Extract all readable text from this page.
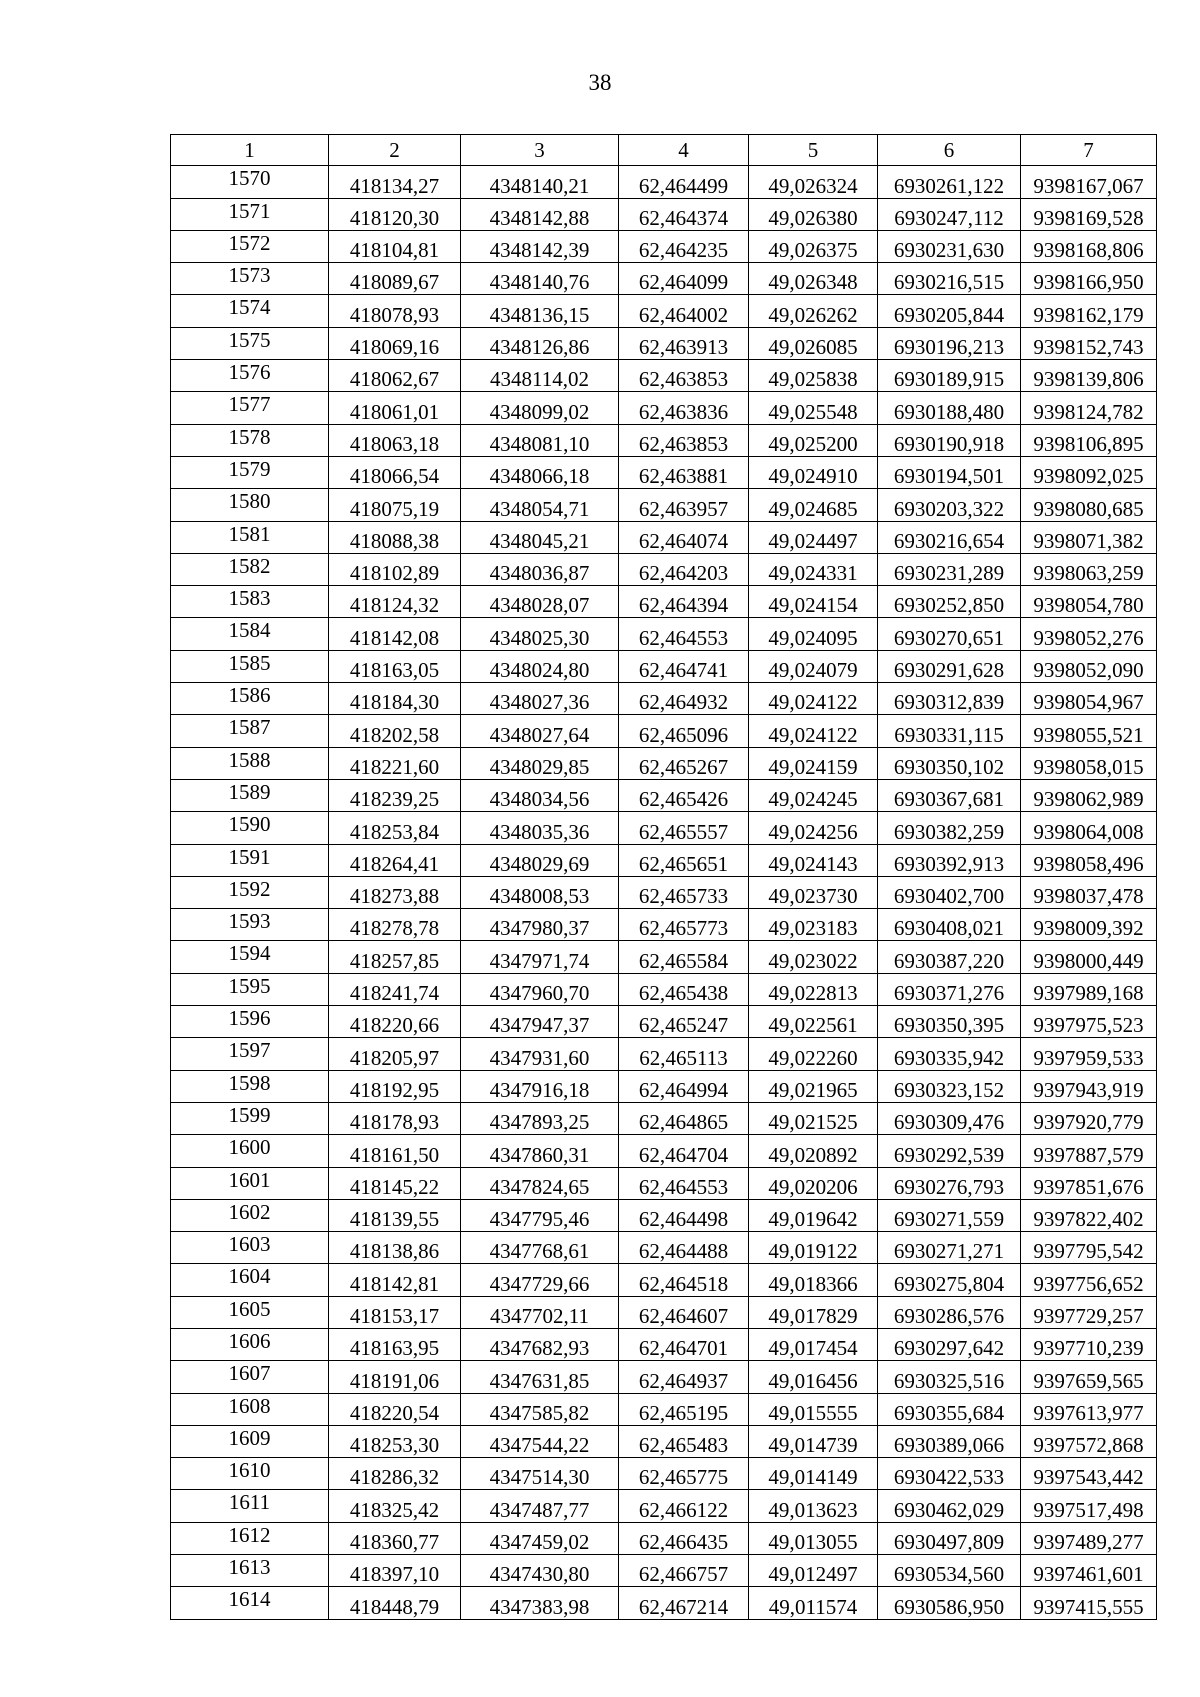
38
1	2	3	4	5	6	7
1570	418134,27	4348140,21	62,464499	49,026324	6930261,122	9398167,067
1571	418120,30	4348142,88	62,464374	49,026380	6930247,112	9398169,528
1572	418104,81	4348142,39	62,464235	49,026375	6930231,630	9398168,806
1573	418089,67	4348140,76	62,464099	49,026348	6930216,515	9398166,950
1574	418078,93	4348136,15	62,464002	49,026262	6930205,844	9398162,179
1575	418069,16	4348126,86	62,463913	49,026085	6930196,213	9398152,743
1576	418062,67	4348114,02	62,463853	49,025838	6930189,915	9398139,806
1577	418061,01	4348099,02	62,463836	49,025548	6930188,480	9398124,782
1578	418063,18	4348081,10	62,463853	49,025200	6930190,918	9398106,895
1579	418066,54	4348066,18	62,463881	49,024910	6930194,501	9398092,025
1580	418075,19	4348054,71	62,463957	49,024685	6930203,322	9398080,685
1581	418088,38	4348045,21	62,464074	49,024497	6930216,654	9398071,382
1582	418102,89	4348036,87	62,464203	49,024331	6930231,289	9398063,259
1583	418124,32	4348028,07	62,464394	49,024154	6930252,850	9398054,780
1584	418142,08	4348025,30	62,464553	49,024095	6930270,651	9398052,276
1585	418163,05	4348024,80	62,464741	49,024079	6930291,628	9398052,090
1586	418184,30	4348027,36	62,464932	49,024122	6930312,839	9398054,967
1587	418202,58	4348027,64	62,465096	49,024122	6930331,115	9398055,521
1588	418221,60	4348029,85	62,465267	49,024159	6930350,102	9398058,015
1589	418239,25	4348034,56	62,465426	49,024245	6930367,681	9398062,989
1590	418253,84	4348035,36	62,465557	49,024256	6930382,259	9398064,008
1591	418264,41	4348029,69	62,465651	49,024143	6930392,913	9398058,496
1592	418273,88	4348008,53	62,465733	49,023730	6930402,700	9398037,478
1593	418278,78	4347980,37	62,465773	49,023183	6930408,021	9398009,392
1594	418257,85	4347971,74	62,465584	49,023022	6930387,220	9398000,449
1595	418241,74	4347960,70	62,465438	49,022813	6930371,276	9397989,168
1596	418220,66	4347947,37	62,465247	49,022561	6930350,395	9397975,523
1597	418205,97	4347931,60	62,465113	49,022260	6930335,942	9397959,533
1598	418192,95	4347916,18	62,464994	49,021965	6930323,152	9397943,919
1599	418178,93	4347893,25	62,464865	49,021525	6930309,476	9397920,779
1600	418161,50	4347860,31	62,464704	49,020892	6930292,539	9397887,579
1601	418145,22	4347824,65	62,464553	49,020206	6930276,793	9397851,676
1602	418139,55	4347795,46	62,464498	49,019642	6930271,559	9397822,402
1603	418138,86	4347768,61	62,464488	49,019122	6930271,271	9397795,542
1604	418142,81	4347729,66	62,464518	49,018366	6930275,804	9397756,652
1605	418153,17	4347702,11	62,464607	49,017829	6930286,576	9397729,257
1606	418163,95	4347682,93	62,464701	49,017454	6930297,642	9397710,239
1607	418191,06	4347631,85	62,464937	49,016456	6930325,516	9397659,565
1608	418220,54	4347585,82	62,465195	49,015555	6930355,684	9397613,977
1609	418253,30	4347544,22	62,465483	49,014739	6930389,066	9397572,868
1610	418286,32	4347514,30	62,465775	49,014149	6930422,533	9397543,442
1611	418325,42	4347487,77	62,466122	49,013623	6930462,029	9397517,498
1612	418360,77	4347459,02	62,466435	49,013055	6930497,809	9397489,277
1613	418397,10	4347430,80	62,466757	49,012497	6930534,560	9397461,601
1614	418448,79	4347383,98	62,467214	49,011574	6930586,950	9397415,555
